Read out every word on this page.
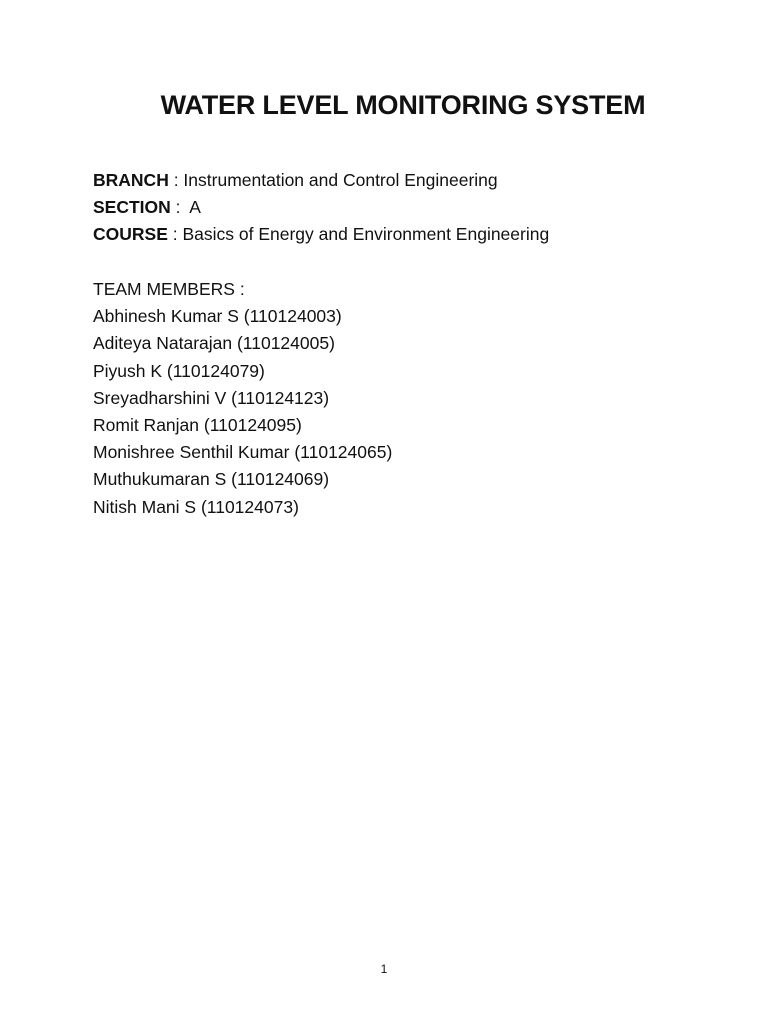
WATER LEVEL MONITORING SYSTEM
BRANCH : Instrumentation and Control Engineering
SECTION :  A
COURSE : Basics of Energy and Environment Engineering
TEAM MEMBERS :
Abhinesh Kumar S (110124003)
Aditeya Natarajan (110124005)
Piyush K (110124079)
Sreyadharshini V (110124123)
Romit Ranjan (110124095)
Monishree Senthil Kumar (110124065)
Muthukumaran S (110124069)
Nitish Mani S (110124073)
1
